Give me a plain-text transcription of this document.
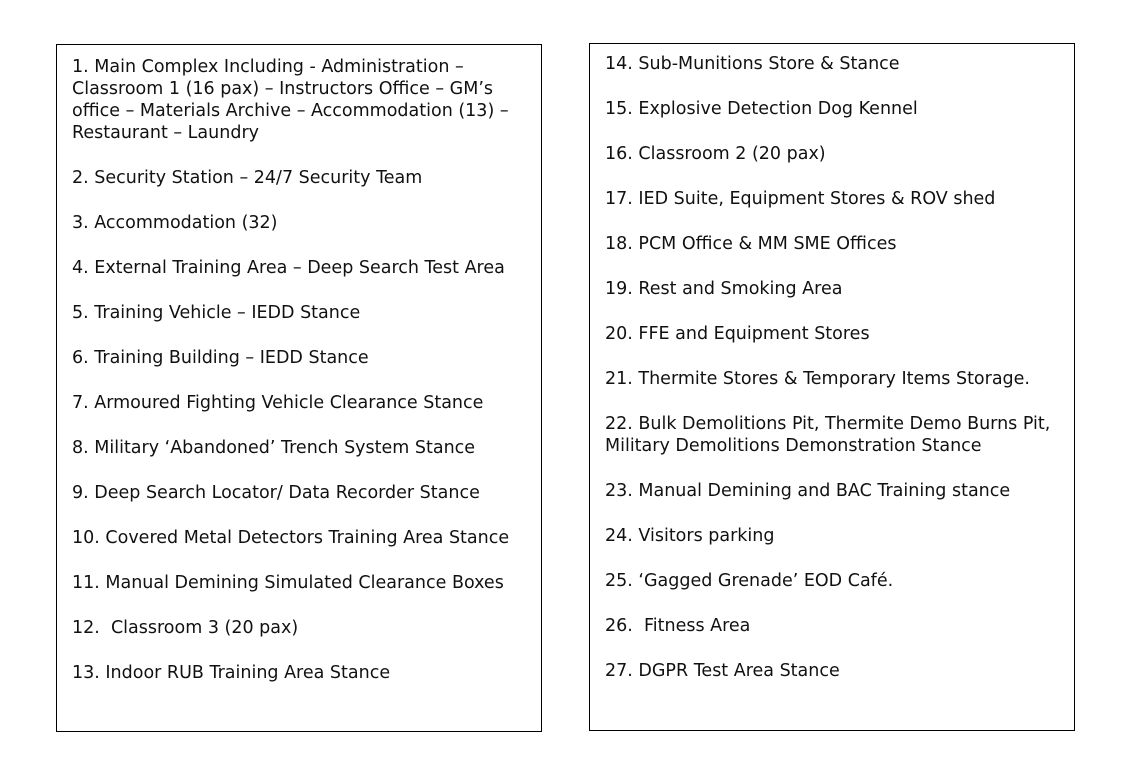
1. Main Complex Including - Administration – Classroom 1 (16 pax) – Instructors Office – GM’s office – Materials Archive – Accommodation (13) – Restaurant – Laundry
2. Security Station – 24/7 Security Team
3. Accommodation (32)
4. External Training Area – Deep Search Test Area
5. Training Vehicle – IEDD Stance
6. Training Building – IEDD Stance
7. Armoured Fighting Vehicle Clearance Stance
8. Military ‘Abandoned’ Trench System Stance
9. Deep Search Locator/ Data Recorder Stance
10. Covered Metal Detectors Training Area Stance
11. Manual Demining Simulated Clearance Boxes
12.  Classroom 3 (20 pax)
13. Indoor RUB Training Area Stance
14. Sub-Munitions Store & Stance
15. Explosive Detection Dog Kennel
16. Classroom 2 (20 pax)
17. IED Suite, Equipment Stores & ROV shed
18. PCM Office & MM SME Offices
19. Rest and Smoking Area
20. FFE and Equipment Stores
21. Thermite Stores & Temporary Items Storage.
22. Bulk Demolitions Pit, Thermite Demo Burns Pit, Military Demolitions Demonstration Stance
23. Manual Demining and BAC Training stance
24. Visitors parking
25. ‘Gagged Grenade’ EOD Café.
26.  Fitness Area
27. DGPR Test Area Stance
